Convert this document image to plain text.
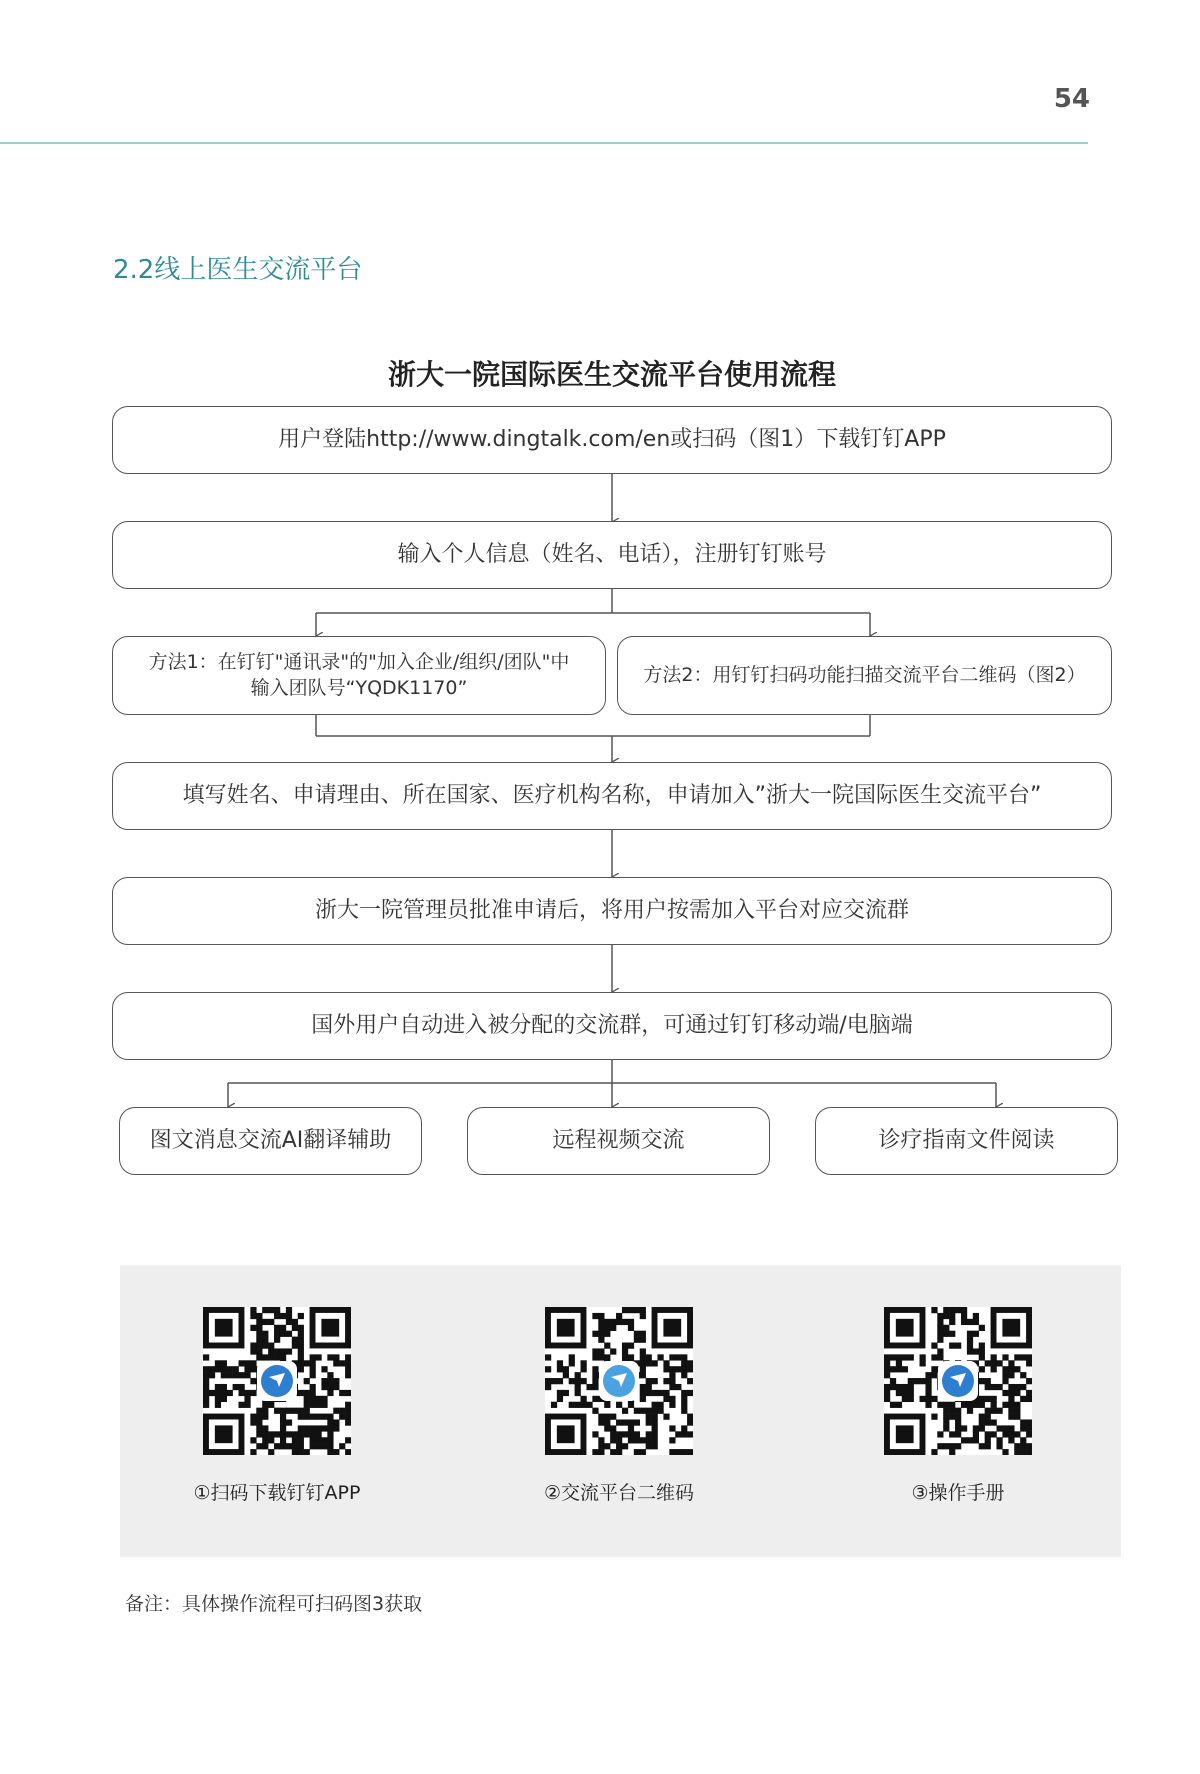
54
2.2线上医生交流平台
浙大一院国际医生交流平台使用流程
用户登陆http://www.dingtalk.com/en或扫码（图1）下载钉钉APP
输入个人信息（姓名、电话），注册钉钉账号
方法1：在钉钉"通讯录"的"加入企业/组织/团队"中
输入团队号“YQDK1170”
方法2：用钉钉扫码功能扫描交流平台二维码（图2）
填写姓名、申请理由、所在国家、医疗机构名称，申请加入”浙大一院国际医生交流平台”
浙大一院管理员批准申请后，将用户按需加入平台对应交流群
国外用户自动进入被分配的交流群，可通过钉钉移动端/电脑端
图文消息交流AI翻译辅助	远程视频交流	诊疗指南文件阅读
①扫码下载钉钉APP	②交流平台二维码	③操作手册
备注：具体操作流程可扫码图3获取
